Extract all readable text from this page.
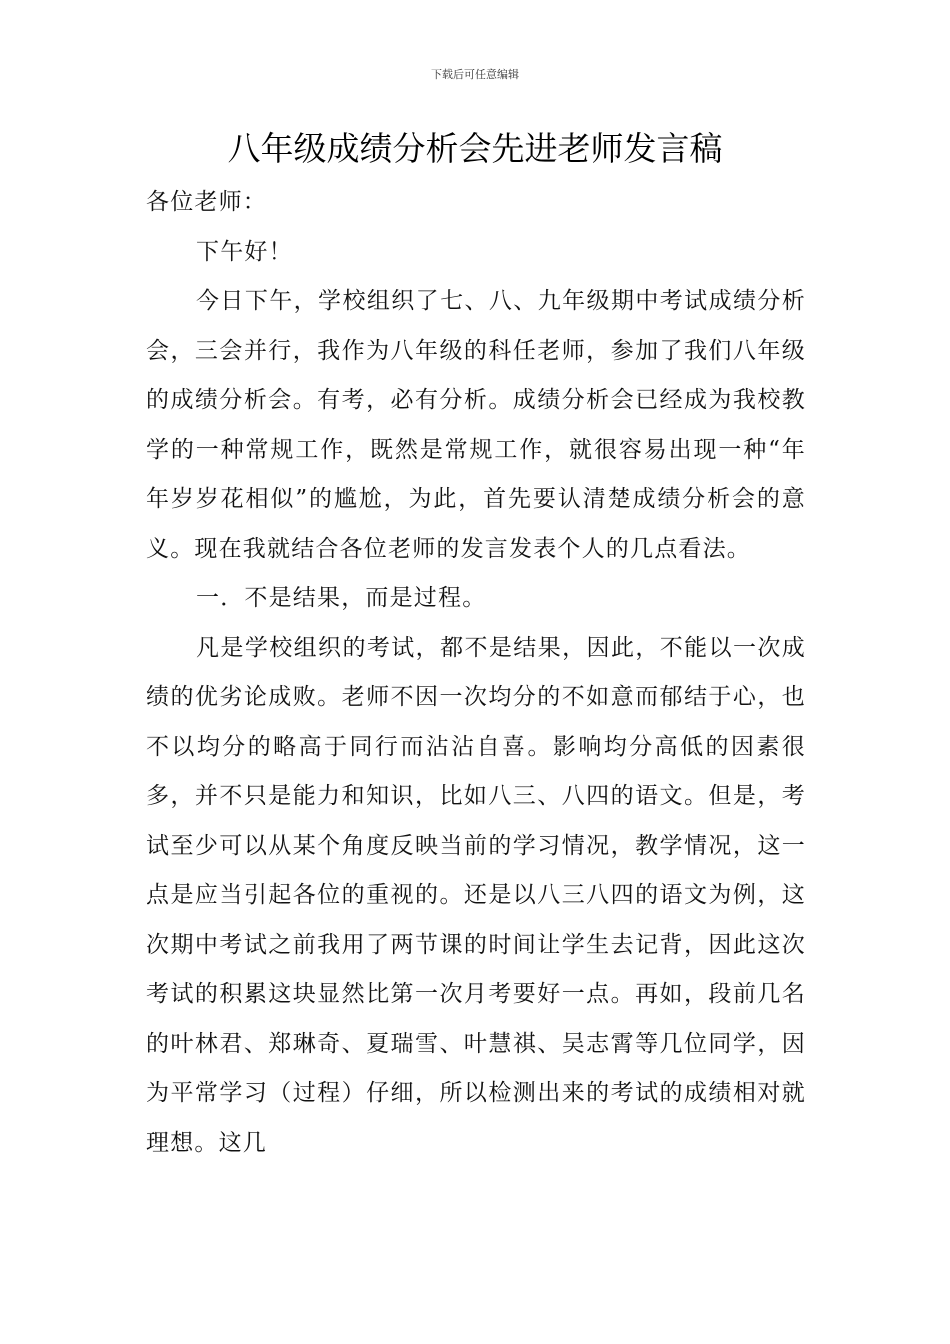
下载后可任意编辑
八年级成绩分析会先进老师发言稿

各位老师：

下午好！

今日下午，学校组织了七、八、九年级期中考试成绩分析会，三会并行，我作为八年级的科任老师，参加了我们八年级的成绩分析会。有考，必有分析。成绩分析会已经成为我校教学的一种常规工作，既然是常规工作，就很容易出现一种“年年岁岁花相似”的尴尬，为此，首先要认清楚成绩分析会的意义。现在我就结合各位老师的发言发表个人的几点看法。

一．不是结果，而是过程。

凡是学校组织的考试，都不是结果，因此，不能以一次成绩的优劣论成败。老师不因一次均分的不如意而郁结于心，也不以均分的略高于同行而沾沾自喜。影响均分高低的因素很多，并不只是能力和知识，比如八三、八四的语文。但是，考试至少可以从某个角度反映当前的学习情况，教学情况，这一点是应当引起各位的重视的。还是以八三八四的语文为例，这次期中考试之前我用了两节课的时间让学生去记背，因此这次考试的积累这块显然比第一次月考要好一点。再如，段前几名的叶林君、郑琳奇、夏瑞雪、叶慧祺、吴志霄等几位同学，因为平常学习（过程）仔细，所以检测出来的考试的成绩相对就理想。这几
